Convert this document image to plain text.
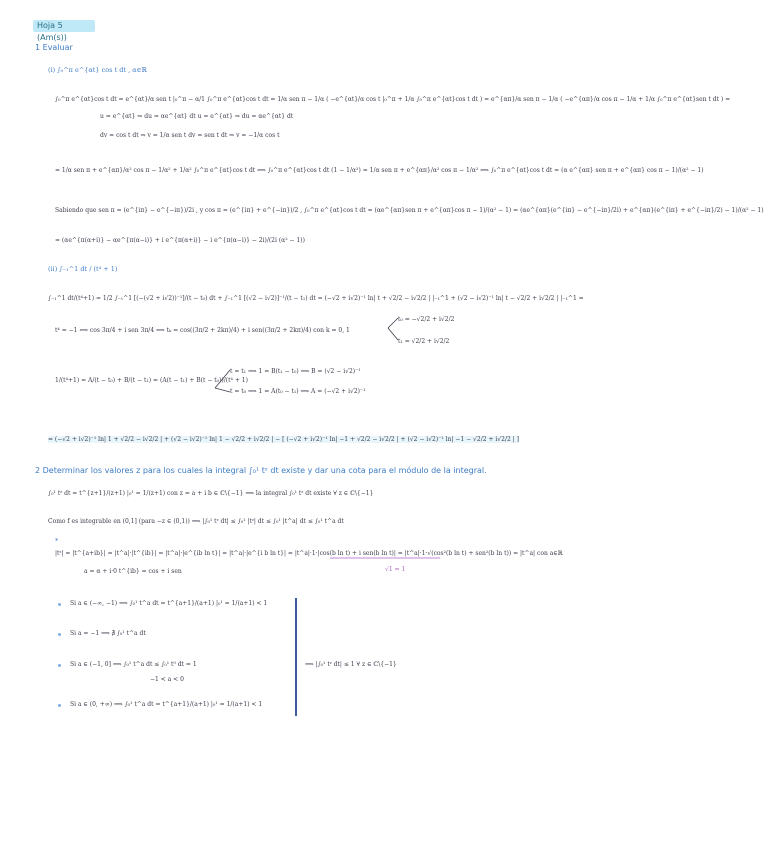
Hoja 5 (Am(s))
1 Evaluar
(i) ∫₀^π e^{αt} cos t dt , α∈ℝ
∫₀^π e^{αt}cos t dt = e^{αt}/α sen t |₀^π − α/1 ∫₀^π e^{αt}cos t dt = 1/α sen π − 1/α ( −e^{αt}/α cos t |₀^π + 1/α ∫₀^π e^{αt}cos t dt ) = e^{απ}/α sen π − 1/α ( −e^{απ}/α cos π − 1/α + 1/α ∫₀^π e^{αt}sen t dt ) =
u = e^{αt} ⇒ du = αe^{αt} dt u = e^{αt} ⇒ du = αe^{αt} dt
dv = cos t dt ⇒ v = 1/α sen t dv = sen t dt ⇒ v = −1/α cos t
= 1/α sen π + e^{απ}/α² cos π − 1/α² + 1/α² ∫₀^π e^{αt}cos t dt ⟺ ∫₀^π e^{αt}cos t dt (1 − 1/α²) = 1/α sen π + e^{απ}/α² cos π − 1/α² ⟺ ∫₀^π e^{αt}cos t dt = (α e^{απ} sen π + e^{απ} cos π − 1)/(α² − 1)
Sabiendo que sen π = (e^{iπ} − e^{−iπ})/2i , y cos π = (e^{iπ} + e^{−iπ})/2 , ∫₀^π e^{αt}cos t dt = (αe^{απ}sen π + e^{απ}cos π − 1)/(α² − 1) = (αe^{απ}(e^{iπ} − e^{−iπ}/2i) + e^{απ}(e^{iπ} + e^{−iπ}/2) − 1)/(α² − 1)
= (αe^{π(α+i)} − αe^{π(α−i)} + i e^{π(α+i)} − i e^{π(α−i)} − 2i)/(2i (α² − 1))
(ii) ∫₋₁^1 dt / (t⁴ + 1)
∫₋₁^1 dt/(t⁴+1) = 1/2 ∫₋₁^1 [(−(√2 + i√2))⁻¹]/(t − t₀) dt + ∫₋₁^1 [(√2 − i√2)]⁻¹/(t − t₁) dt = (−√2 + i√2)⁻¹ ln| t + √2/2 − i√2/2 | |₋₁^1 + (√2 − i√2)⁻¹ ln| t − √2/2 + i√2/2 | |₋₁^1 =
t⁴ = −1 ⟺ cos 3π/4 + i sen 3π/4 ⟺ tₖ = cos((3π/2 + 2kπ)/4) + i sen((3π/2 + 2kπ)/4) con k = 0, 1
t₀ = −√2/2 + i√2/2
t₁ = √2/2 + i√2/2
1/(t⁴+1) = A/(t − t₀) + B/(t − t₁) = (A(t − t₁) + B(t − t₀))/(t⁴ + 1)
t = t₁ ⟹ 1 = B(t₁ − t₀) ⟹ B = (√2 − i√2)⁻¹
t = t₀ ⟹ 1 = A(t₀ − t₁) ⟹ A = (−√2 + i√2)⁻¹
= (−√2 + i√2)⁻¹ ln| 1 + √2/2 − i√2/2 | + (√2 − i√2)⁻¹ ln| 1 − √2/2 + i√2/2 | − [ (−√2 + i√2)⁻¹ ln| −1 + √2/2 − i√2/2 | + (√2 − i√2)⁻¹ ln| −1 − √2/2 + i√2/2 | ]
2 Determinar los valores z para los cuales la integral ∫₀¹ tᶻ dt existe y dar una cota para el módulo de la integral.
∫₀¹ tᶻ dt = t^{z+1}/(z+1) |₀¹ = 1/(z+1) con z = a + i b ∈ ℂ\{−1} ⟹ la integral ∫₀¹ tᶻ dt existe ∀ z ∈ ℂ\{−1}
Como f es integrable en (0,1] (para −z ∈ (0,1)) ⟹ |∫₀¹ tᶻ dt| ≤ ∫₀¹ |tᶻ| dt ≤ ∫₀¹ |t^a| dt ≤ ∫₀¹ t^a dt
*
|tᶻ| = |t^{a+ib}| = |t^a|·|t^{ib}| = |t^a|·|e^{ib ln t}| = |t^a|·|e^{i b ln t}| = |t^a|·1·|cos(b ln t) + i sen(b ln t)| = |t^a|·1·√(cos²(b ln t) + sen²(b ln t)) = |t^a| con a∈ℝ
a = α + i·0 t^{ib} = cos + i sen	√1 = 1
Si a ∈ (−∞, −1) ⟹ ∫₀¹ t^a dt = t^{a+1}/(a+1) |₀¹ = 1/(a+1) < 1
Si a = −1 ⟹ ∄ ∫₀¹ t^a dt
Si a ∈ (−1, 0] ⟹ ∫₀¹ t^a dt ≤ ∫₀¹ t⁰ dt = 1
−1 < a < 0
Si a ∈ (0, +∞) ⟹ ∫₀¹ t^a dt = t^{a+1}/(a+1) |₀¹ = 1/(a+1) < 1
⟹ |∫₀¹ tᶻ dt| ≤ 1 ∀ z ∈ ℂ\{−1}
